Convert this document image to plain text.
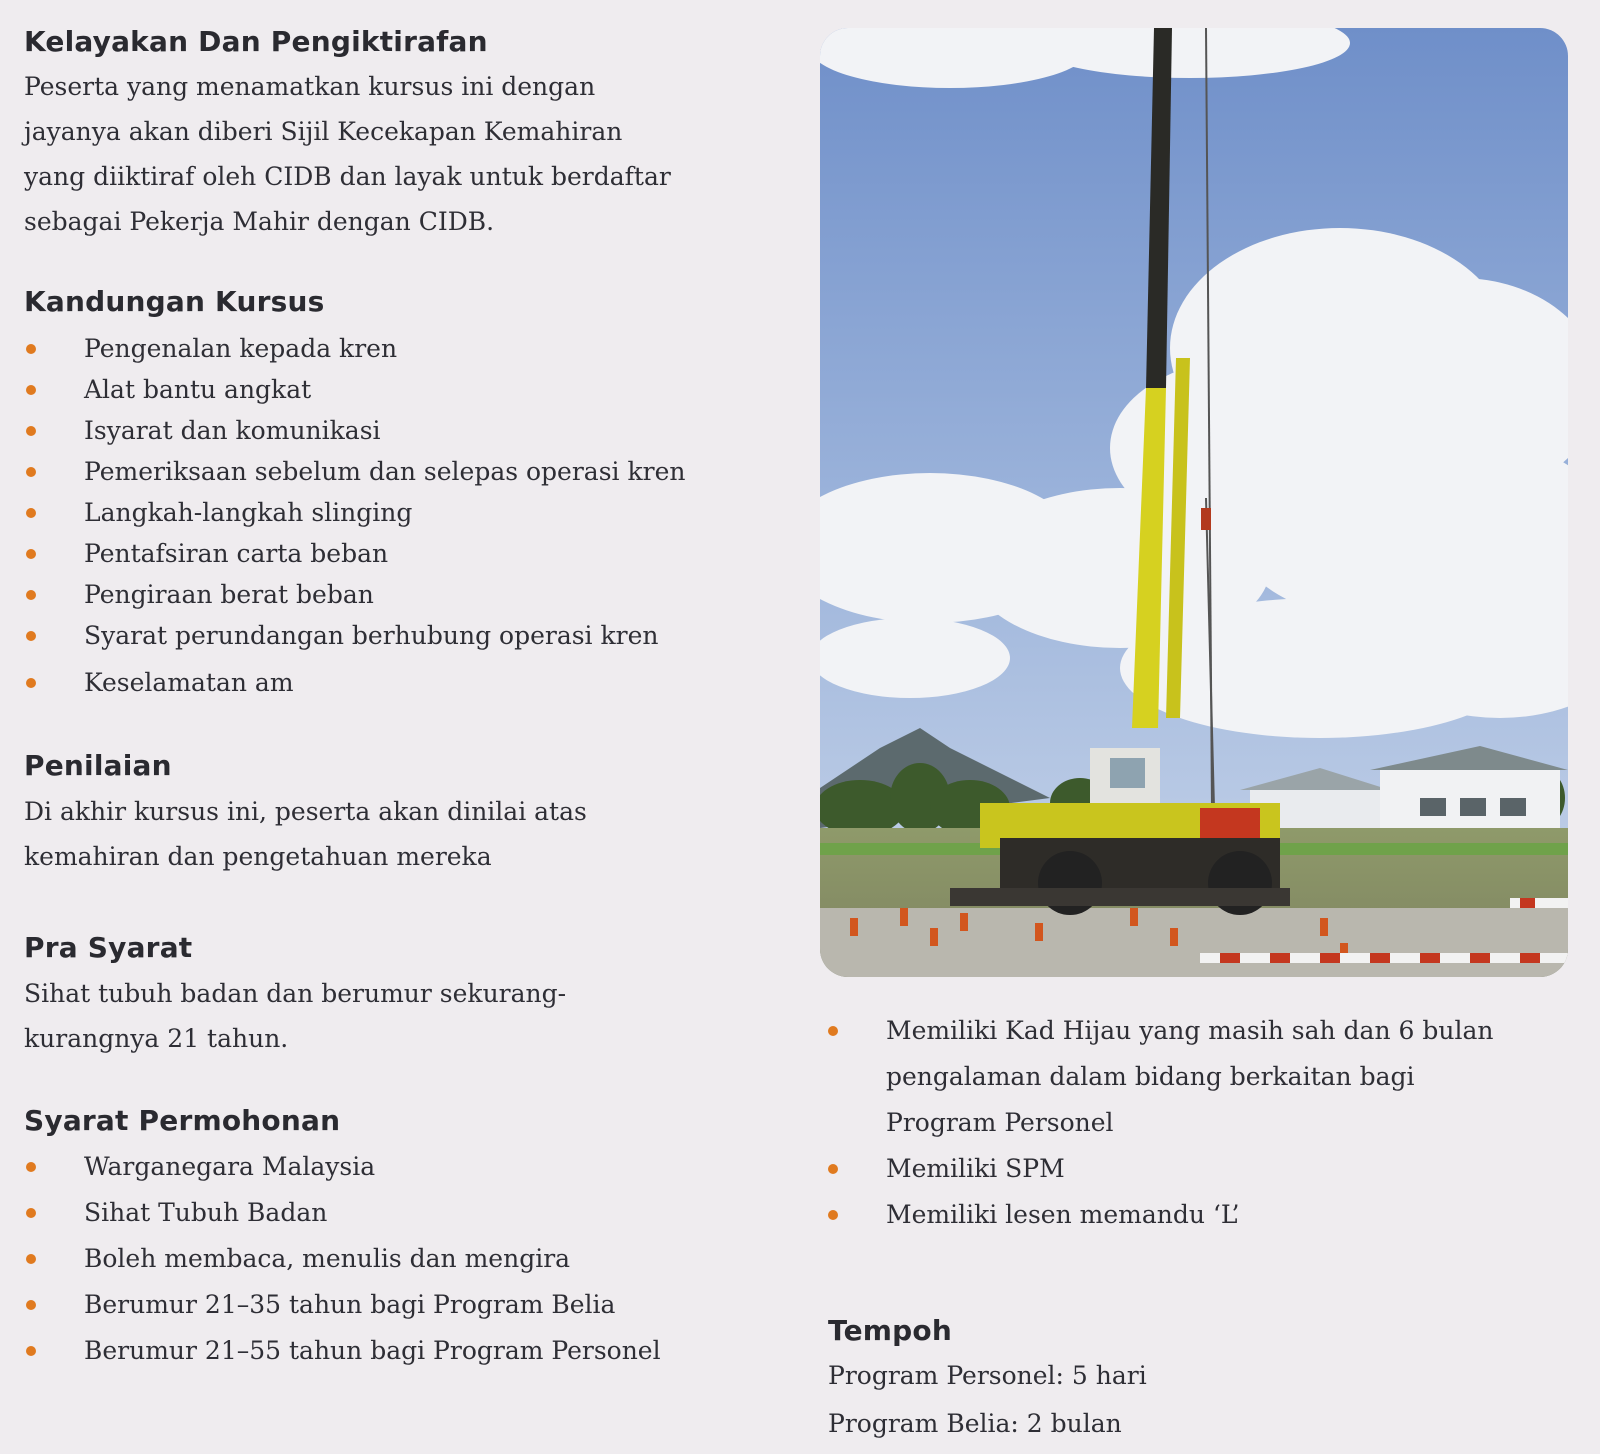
Kelayakan Dan Pengiktirafan

Peserta yang menamatkan kursus ini dengan
jayanya akan diberi Sijil Kecekapan Kemahiran
yang diiktiraf oleh CIDB dan layak untuk berdaftar
sebagai Pekerja Mahir dengan CIDB.

Kandungan Kursus
Pengenalan kepada kren
Alat bantu angkat
Isyarat dan komunikasi
Pemeriksaan sebelum dan selepas operasi kren
Langkah-langkah slinging
Pentafsiran carta beban
Pengiraan berat beban
Syarat perundangan berhubung operasi kren
Keselamatan am
Penilaian

Di akhir kursus ini, peserta akan dinilai atas
kemahiran dan pengetahuan mereka

Pra Syarat

Sihat tubuh badan dan berumur sekurang-
kurangnya 21 tahun.

Syarat Permohonan
Warganegara Malaysia
Sihat Tubuh Badan
Boleh membaca, menulis dan mengira
Berumur 21–35 tahun bagi Program Belia
Berumur 21–55 tahun bagi Program Personel
Memiliki Kad Hijau yang masih sah dan 6 bulan
pengalaman dalam bidang berkaitan bagi
Program Personel
Memiliki SPM
Memiliki lesen memandu ‘L’
Tempoh

Program Personel: 5 hari
Program Belia: 2 bulan
